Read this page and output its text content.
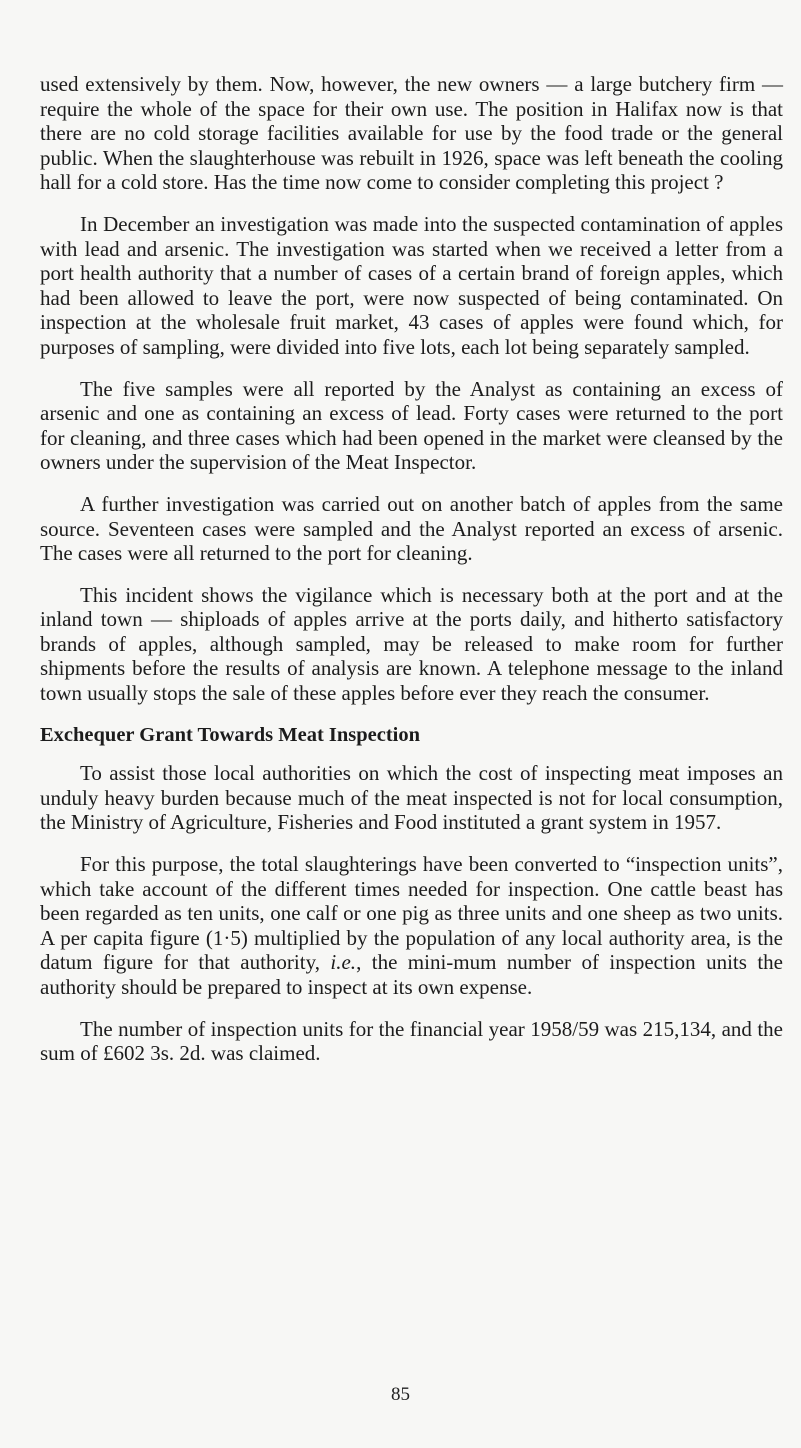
used extensively by them. Now, however, the new owners — a large butchery firm — require the whole of the space for their own use. The position in Halifax now is that there are no cold storage facilities available for use by the food trade or the general public. When the slaughterhouse was rebuilt in 1926, space was left beneath the cooling hall for a cold store. Has the time now come to consider completing this project ?

In December an investigation was made into the suspected contamination of apples with lead and arsenic. The investigation was started when we received a letter from a port health authority that a number of cases of a certain brand of foreign apples, which had been allowed to leave the port, were now suspected of being contaminated. On inspection at the wholesale fruit market, 43 cases of apples were found which, for purposes of sampling, were divided into five lots, each lot being separately sampled.

The five samples were all reported by the Analyst as containing an excess of arsenic and one as containing an excess of lead. Forty cases were returned to the port for cleaning, and three cases which had been opened in the market were cleansed by the owners under the supervision of the Meat Inspector.

A further investigation was carried out on another batch of apples from the same source. Seventeen cases were sampled and the Analyst reported an excess of arsenic. The cases were all returned to the port for cleaning.

This incident shows the vigilance which is necessary both at the port and at the inland town — shiploads of apples arrive at the ports daily, and hitherto satisfactory brands of apples, although sampled, may be released to make room for further shipments before the results of analysis are known. A telephone message to the inland town usually stops the sale of these apples before ever they reach the consumer.

Exchequer Grant Towards Meat Inspection

To assist those local authorities on which the cost of inspecting meat imposes an unduly heavy burden because much of the meat inspected is not for local consumption, the Ministry of Agriculture, Fisheries and Food instituted a grant system in 1957.

For this purpose, the total slaughterings have been converted to “inspection units”, which take account of the different times needed for inspection. One cattle beast has been regarded as ten units, one calf or one pig as three units and one sheep as two units. A per capita figure (1·5) multiplied by the population of any local authority area, is the datum figure for that authority, i.e., the mini-mum number of inspection units the authority should be prepared to inspect at its own expense.

The number of inspection units for the financial year 1958/59 was 215,134, and the sum of £602 3s. 2d. was claimed.

85
